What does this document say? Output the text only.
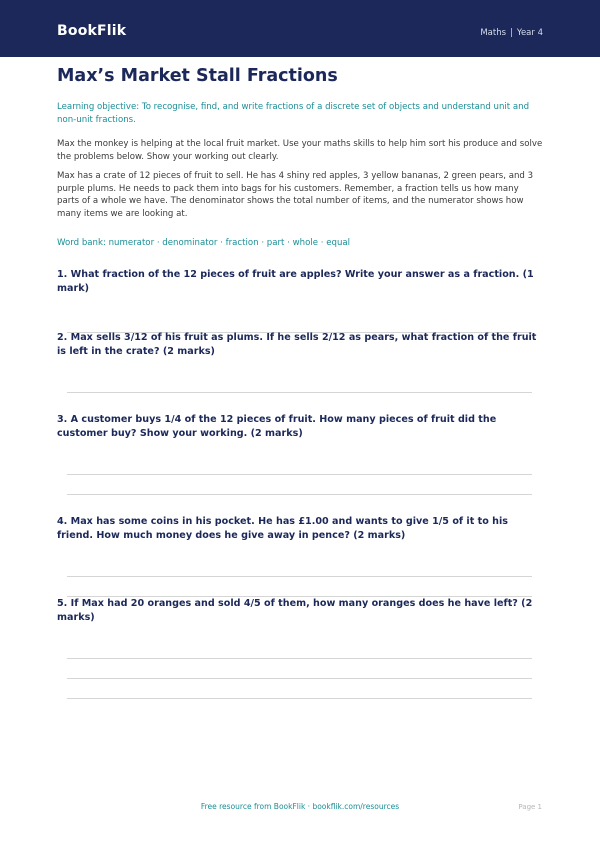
BookFlik	Maths | Year 4
Max’s Market Stall Fractions

Learning objective: To recognise, find, and write fractions of a discrete set of objects and understand unit and non-unit fractions.

Max the monkey is helping at the local fruit market. Use your maths skills to help him sort his produce and solve the problems below. Show your working out clearly.

Max has a crate of 12 pieces of fruit to sell. He has 4 shiny red apples, 3 yellow bananas, 2 green pears, and 3 purple plums. He needs to pack them into bags for his customers. Remember, a fraction tells us how many parts of a whole we have. The denominator shows the total number of items, and the numerator shows how many items we are looking at.

Word bank: numerator · denominator · fraction · part · whole · equal

1. What fraction of the 12 pieces of fruit are apples? Write your answer as a fraction. (1 mark)

2. Max sells 3/12 of his fruit as plums. If he sells 2/12 as pears, what fraction of the fruit is left in the crate? (2 marks)

3. A customer buys 1/4 of the 12 pieces of fruit. How many pieces of fruit did the customer buy? Show your working. (2 marks)

4. Max has some coins in his pocket. He has £1.00 and wants to give 1/5 of it to his friend. How much money does he give away in pence? (2 marks)

5. If Max had 20 oranges and sold 4/5 of them, how many oranges does he have left? (2 marks)

Free resource from BookFlik · bookflik.com/resources	Page 1
